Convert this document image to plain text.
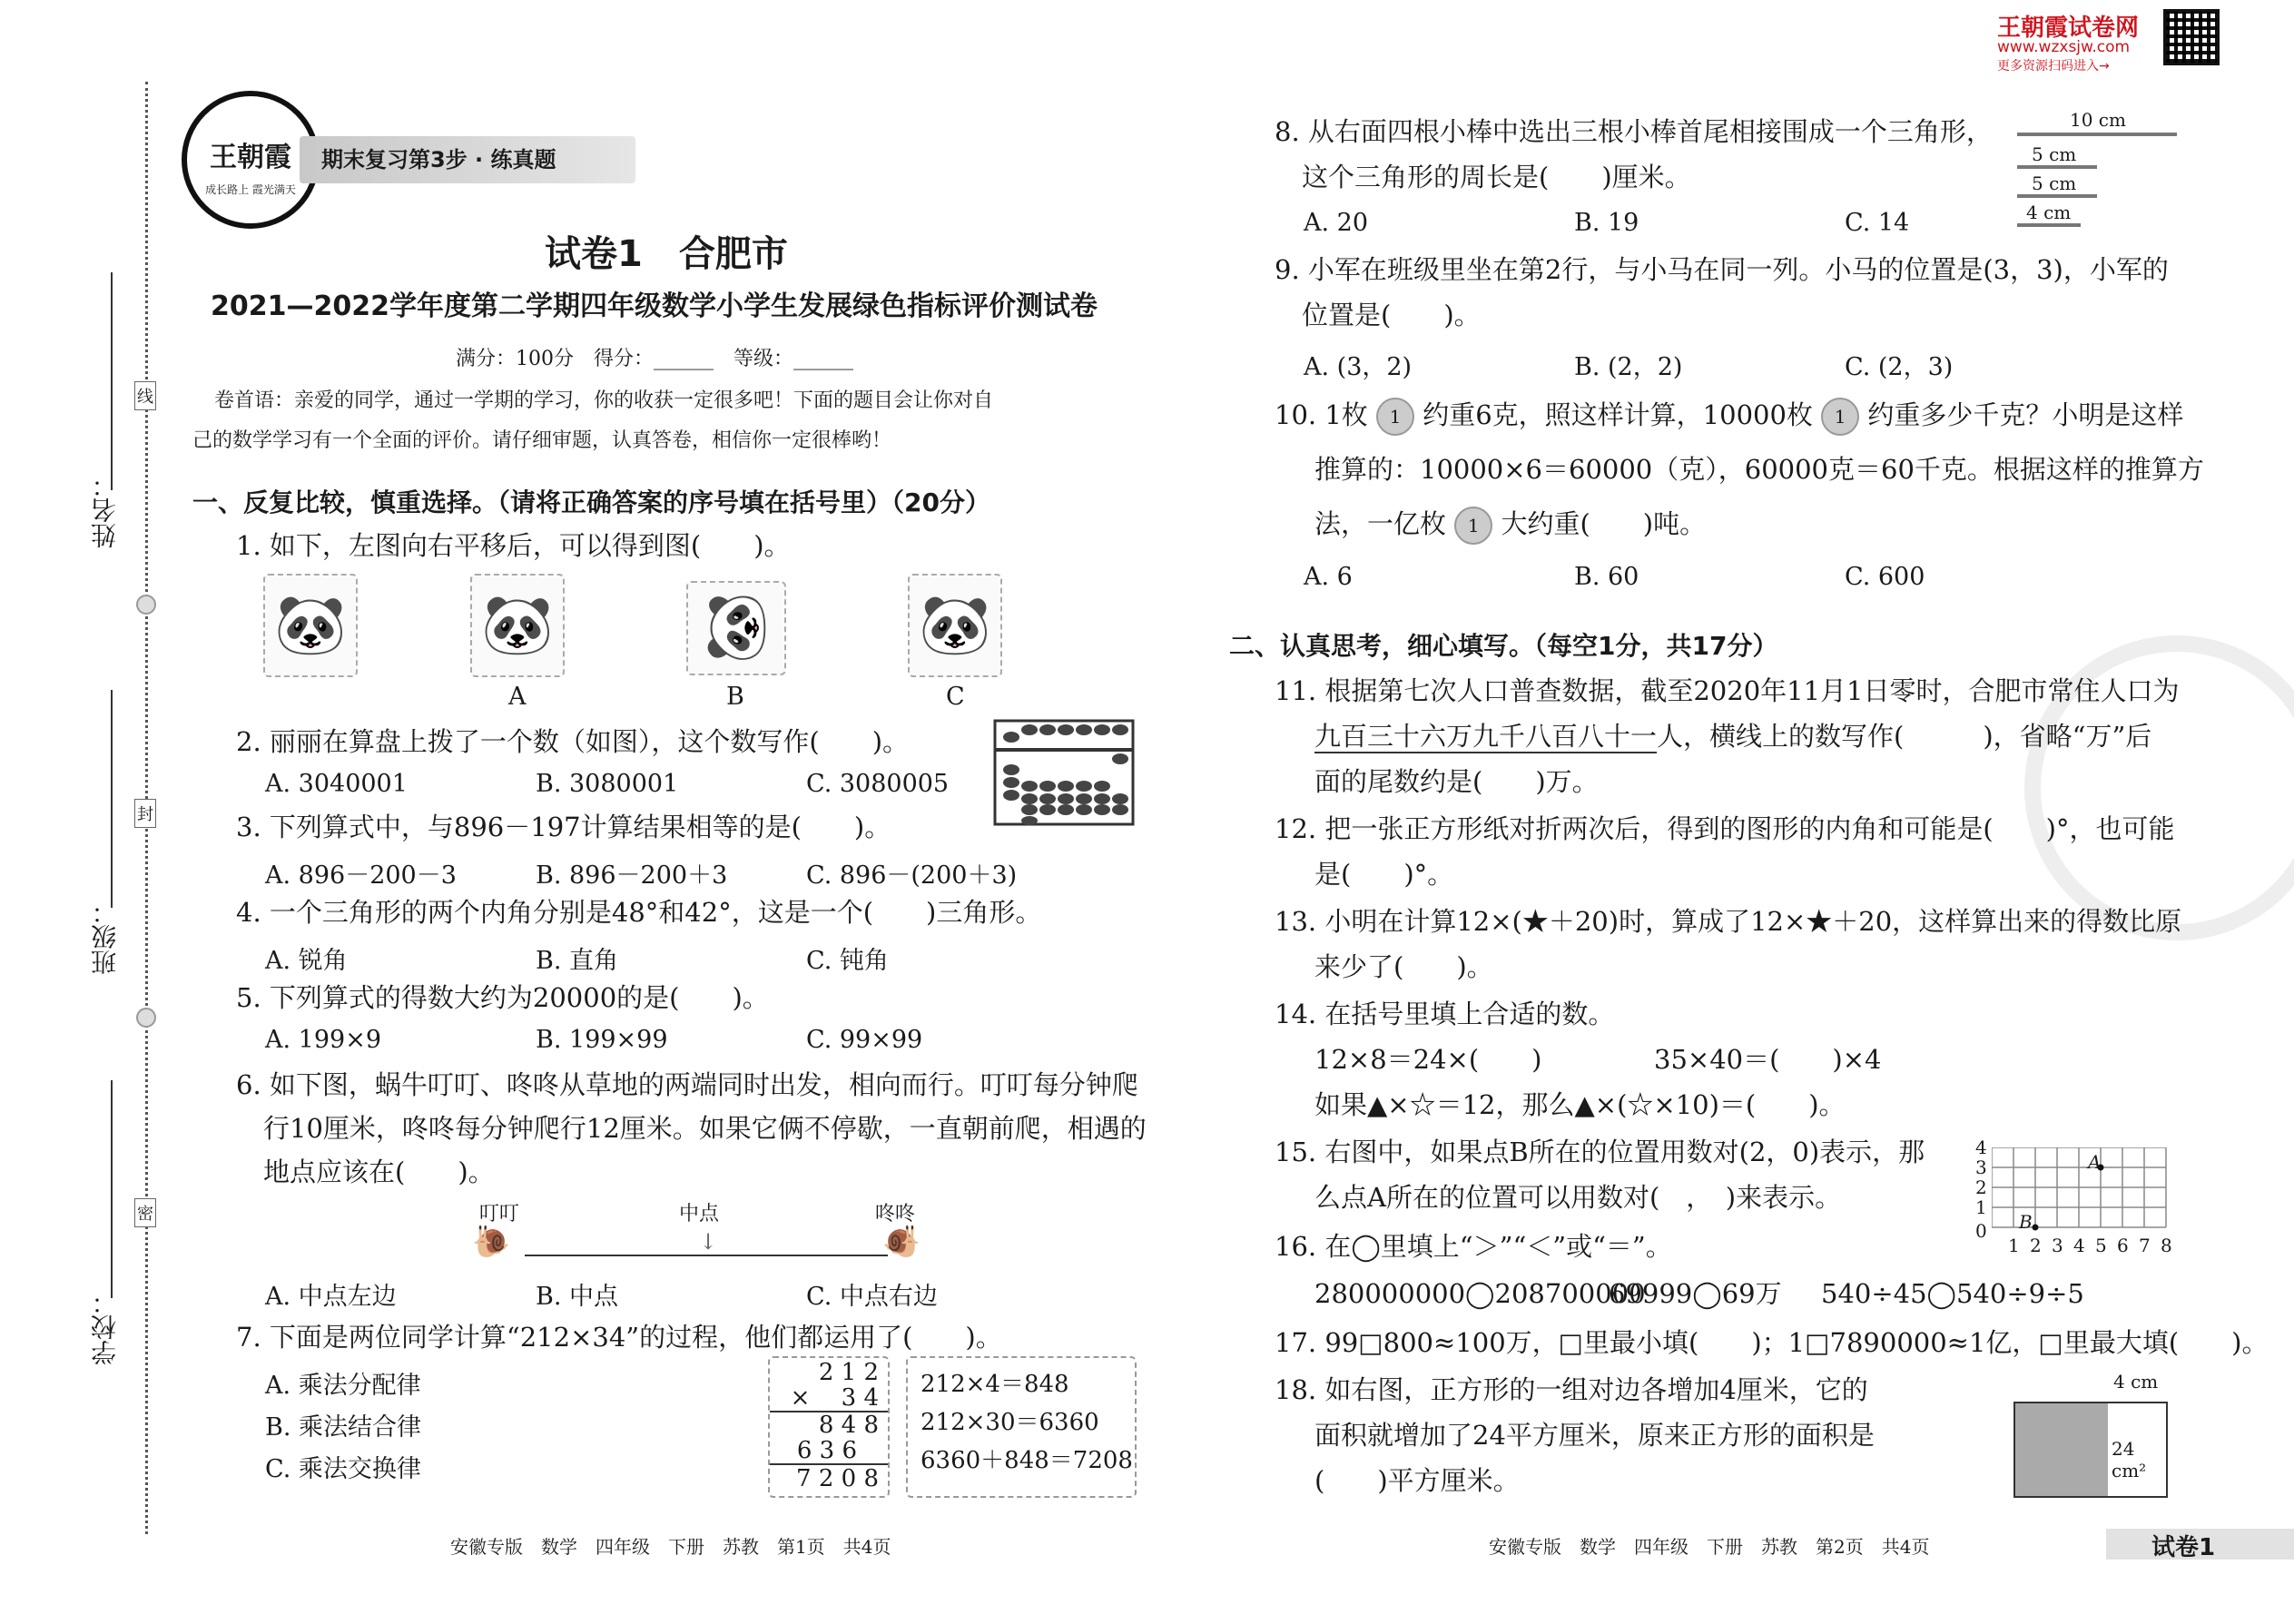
姓名：
班级：
学校：
线
封
密
王朝霞
成长路上 霞光满天
期末复习第3步 · 练真题
王朝霞试卷网
www.wzxsjw.com
更多资源扫码进入→
试卷1　合肥市
2021—2022学年度第二学期四年级数学小学生发展绿色指标评价测试卷
满分：100分　得分：______　等级：______
卷首语：亲爱的同学，通过一学期的学习，你的收获一定很多吧！下面的题目会让你对自
己的数学学习有一个全面的评价。请仔细审题，认真答卷，相信你一定很棒哟！
一、反复比较，慎重选择。（请将正确答案的序号填在括号里）（20分）
1. 如下，左图向右平移后，可以得到图(　　)。
🐼 🐼	🐼	🐼
A	B	C
2. 丽丽在算盘上拨了一个数（如图），这个数写作(　　)。
A. 3040001	B. 3080001	C. 3080005
3. 下列算式中，与896－197计算结果相等的是(　　)。
A. 896－200－3	B. 896－200＋3	C. 896－(200＋3)
4. 一个三角形的两个内角分别是48°和42°，这是一个(　　)三角形。
A. 锐角	B. 直角	C. 钝角
5. 下列算式的得数大约为20000的是(　　)。
A. 199×9	B. 199×99	C. 99×99
6. 如下图，蜗牛叮叮、咚咚从草地的两端同时出发，相向而行。叮叮每分钟爬
行10厘米，咚咚每分钟爬行12厘米。如果它俩不停歇，一直朝前爬，相遇的
地点应该在(　　)。
叮叮	中点	咚咚
🐌	🐌
↓
A. 中点左边	B. 中点	C. 中点右边
7. 下面是两位同学计算“212×34”的过程，他们都运用了(　　)。
A. 乘法分配律
B. 乘法结合律
C. 乘法交换律
2 1 2
× 　3 4
8 4 8
6 3 6
7 2 0 8
212×4＝848
212×30＝6360
6360＋848＝7208
安徽专版　数学　四年级　下册　苏教　第1页　共4页
8. 从右面四根小棒中选出三根小棒首尾相接围成一个三角形，
这个三角形的周长是(　　)厘米。
10 cm
5 cm
5 cm
4 cm
A. 20	B. 19	C. 14
9. 小军在班级里坐在第2行，与小马在同一列。小马的位置是(3，3)，小军的
位置是(　　)。
A. (3，2)	B. (2，2)	C. (2，3)
10. 1枚 1 约重6克，照这样计算，10000枚 1 约重多少千克？小明是这样
推算的：10000×6＝60000（克），60000克＝60千克。根据这样的推算方
法，一亿枚 1 大约重(　　)吨。
A. 6	B. 60	C. 600
二、认真思考，细心填写。（每空1分，共17分）
11. 根据第七次人口普查数据，截至2020年11月1日零时，合肥市常住人口为
九百三十六万九千八百八十一人，横线上的数写作(　　　)，省略“万”后
面的尾数约是(　　)万。
12. 把一张正方形纸对折两次后，得到的图形的内角和可能是(　　)°，也可能
是(　　)°。
13. 小明在计算12×(★＋20)时，算成了12×★＋20，这样算出来的得数比原
来少了(　　)。
14. 在括号里填上合适的数。
12×8＝24×(　　)	35×40＝(　　)×4
如果▲×☆＝12，那么▲×(☆×10)＝(　　)。
15. 右图中，如果点B所在的位置用数对(2，0)表示，那
么点A所在的位置可以用数对(　，　)来表示。
A
B
4
3
2
1
0
1 2 3 4 5 6 7 8
16. 在◯里填上“＞”“＜”或“＝”。
280000000◯208700000
69999◯69万 540÷45◯540÷9÷5
17. 99□800≈100万，□里最小填(　　)；1□7890000≈1亿，□里最大填(　　)。
18. 如右图，正方形的一组对边各增加4厘米，它的
面积就增加了24平方厘米，原来正方形的面积是
(　　)平方厘米。
4 cm
24 cm²
安徽专版　数学　四年级　下册　苏教　第2页　共4页	试卷1
